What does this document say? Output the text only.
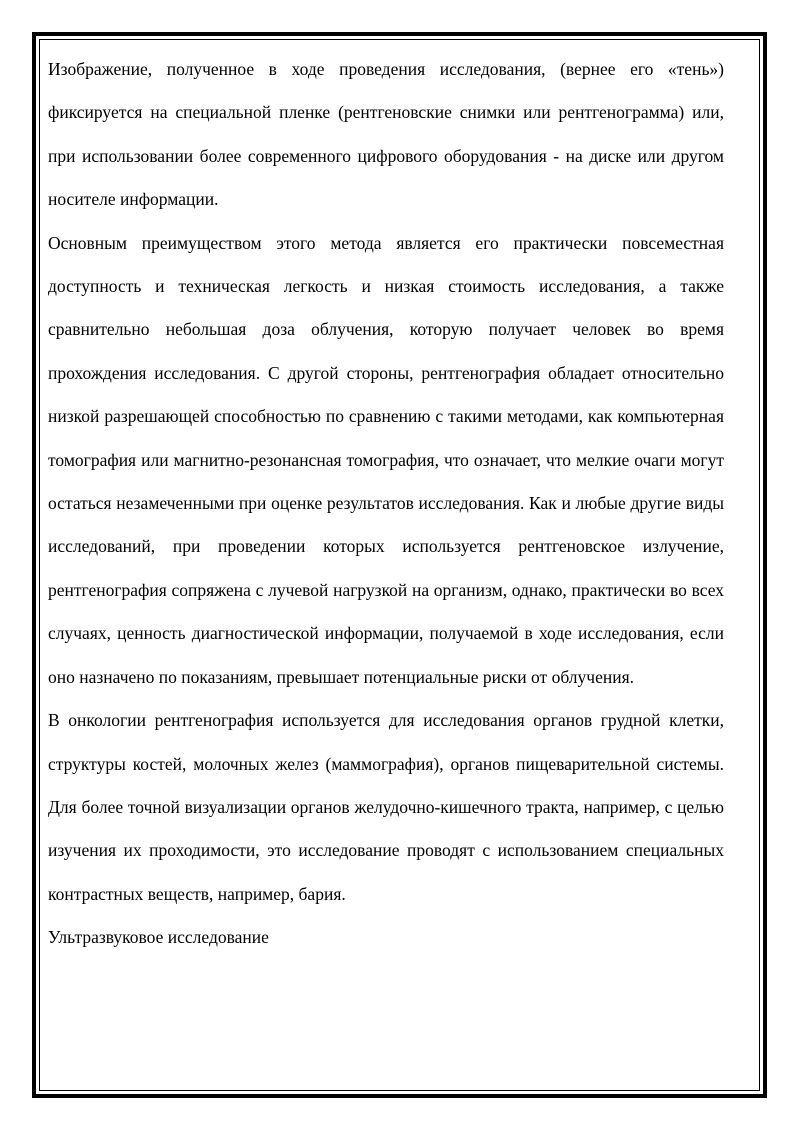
Изображение, полученное в ходе проведения исследования, (вернее его «тень») фиксируется на специальной пленке (рентгеновские снимки или рентгенограмма) или, при использовании более современного цифрового оборудования - на диске или другом носителе информации.

Основным преимуществом этого метода является его практически повсеместная доступность и техническая легкость и низкая стоимость исследования, а также сравнительно небольшая доза облучения, которую получает человек во время прохождения исследования. С другой стороны, рентгенография обладает относительно низкой разрешающей способностью по сравнению с такими методами, как компьютерная томография или магнитно-резонансная томография, что означает, что мелкие очаги могут остаться незамеченными при оценке результатов исследования. Как и любые другие виды исследований, при проведении которых используется рентгеновское излучение, рентгенография сопряжена с лучевой нагрузкой на организм, однако, практически во всех случаях, ценность диагностической информации, получаемой в ходе исследования, если оно назначено по показаниям, превышает потенциальные риски от облучения.

В онкологии рентгенография используется для исследования органов грудной клетки, структуры костей, молочных желез (маммография), органов пищеварительной системы. Для более точной визуализации органов желудочно-кишечного тракта, например, с целью изучения их проходимости, это исследование проводят с использованием специальных контрастных веществ, например, бария.

Ультразвуковое исследование
